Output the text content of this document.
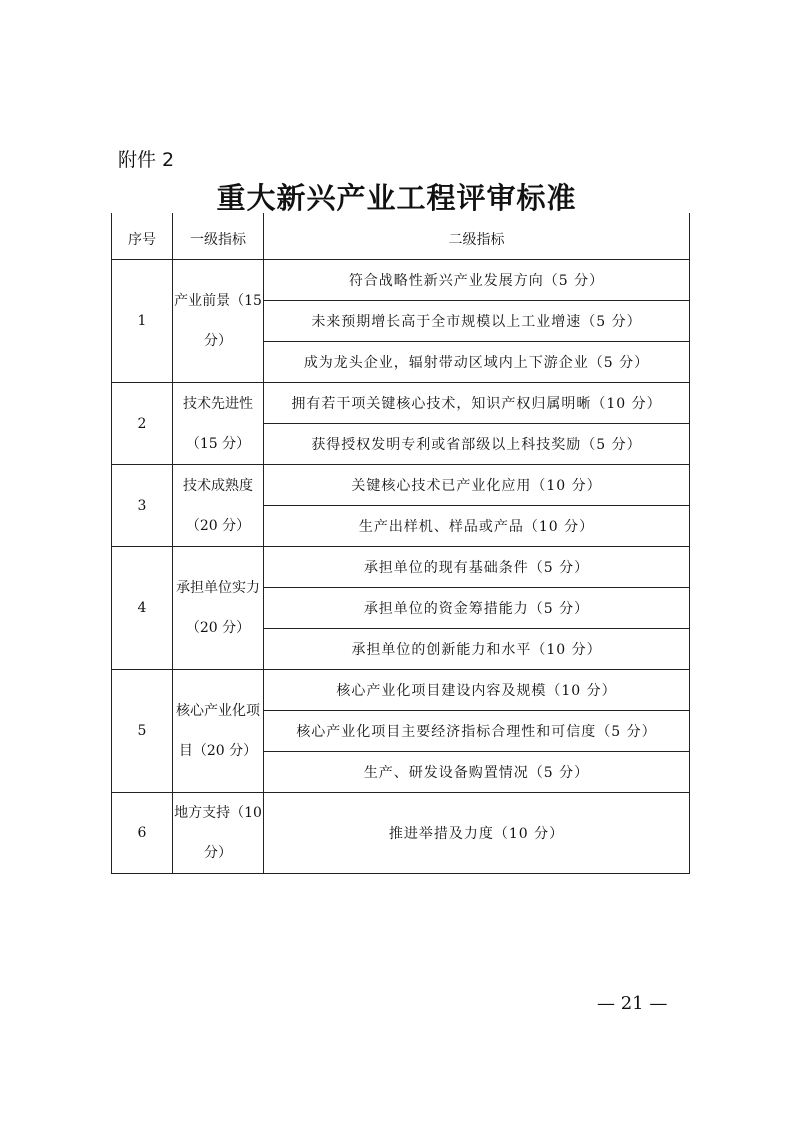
附件 2
重大新兴产业工程评审标准
序号	一级指标	二级指标
1	产业前景（15 分）	符合战略性新兴产业发展方向（5 分）
		未来预期增长高于全市规模以上工业增速（5 分）
		成为龙头企业，辐射带动区域内上下游企业（5 分）
2	技术先进性（15 分）	拥有若干项关键核心技术，知识产权归属明晰（10 分）
		获得授权发明专利或省部级以上科技奖励（5 分）
3	技术成熟度（20 分）	关键核心技术已产业化应用（10 分）
		生产出样机、样品或产品（10 分）
4	承担单位实力（20 分）	承担单位的现有基础条件（5 分）
		承担单位的资金筹措能力（5 分）
		承担单位的创新能力和水平（10 分）
5	核心产业化项目（20 分）	核心产业化项目建设内容及规模（10 分）
		核心产业化项目主要经济指标合理性和可信度（5 分）
		生产、研发设备购置情况（5 分）
6	地方支持（10 分）	推进举措及力度（10 分）
— 21 —
